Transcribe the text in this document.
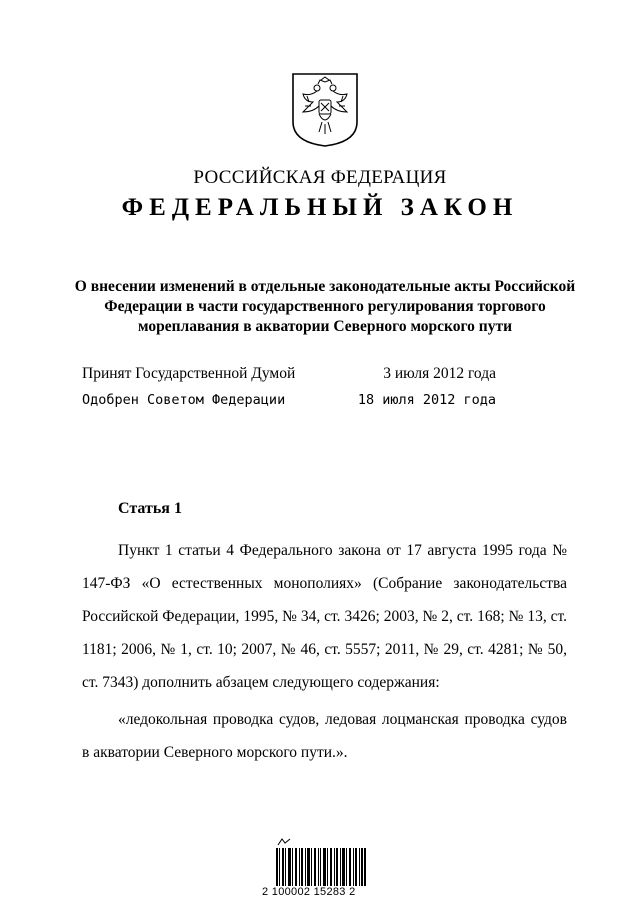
РОССИЙСКАЯ ФЕДЕРАЦИЯ
ФЕДЕРАЛЬНЫЙ ЗАКОН
О внесении изменений в отдельные законодательные акты Российской Федерации в части государственного регулирования торгового мореплавания в акватории Северного морского пути
Принят Государственной Думой	3 июля 2012 года
Одобрен Советом Федерации	18 июля 2012 года
Статья 1
Пункт 1 статьи 4 Федерального закона от 17 августа 1995 года № 147-ФЗ «О естественных монополиях» (Собрание законодательства Российской Федерации, 1995, № 34, ст. 3426; 2003, № 2, ст. 168; № 13, ст. 1181; 2006, № 1, ст. 10; 2007, № 46, ст. 5557; 2011, № 29, ст. 4281; № 50, ст. 7343) дополнить абзацем следующего содержания:
«ледокольная проводка судов, ледовая лоцманская проводка судов в акватории Северного морского пути.».
2 100002 15283 2
